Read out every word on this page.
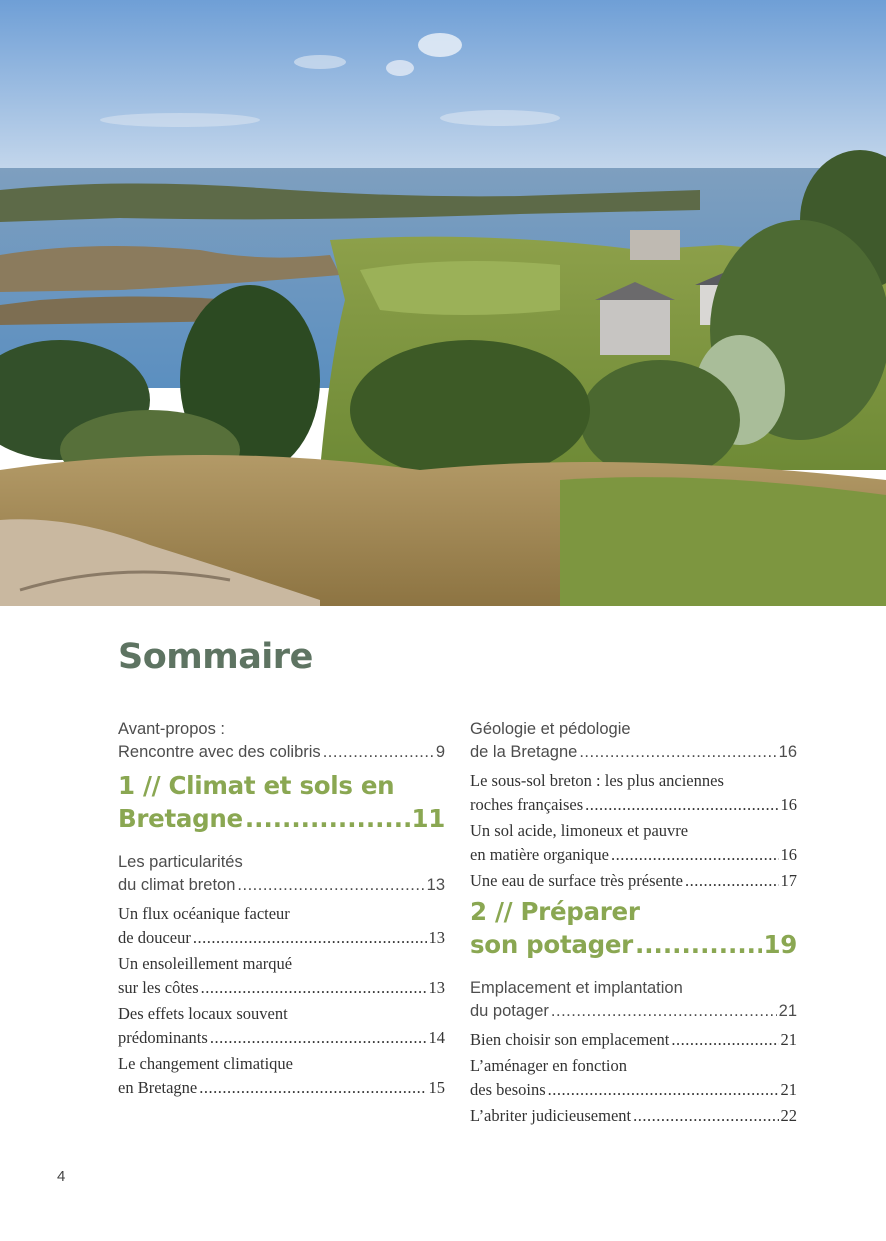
Sommaire
Avant-propos :
Rencontre avec des colibris .....	9
1 // Climat et sols en
Bretagne .....	11
Les particularités
du climat breton .....	13
Un flux océanique facteur
de douceur .....	13
Un ensoleillement marqué
sur les côtes .....	13
Des effets locaux souvent
prédominants .....	14
Le changement climatique
en Bretagne .....	15
Géologie et pédologie
de la Bretagne .....	16
Le sous-sol breton : les plus anciennes
roches françaises .....	16
Un sol acide, limoneux et pauvre
en matière organique .....	16
Une eau de surface très présente .....	17
2 // Préparer
son potager .....	19
Emplacement et implantation
du potager .....	21
Bien choisir son emplacement .....	21
L’aménager en fonction
des besoins .....	21
L’abriter judicieusement .....	22
4
